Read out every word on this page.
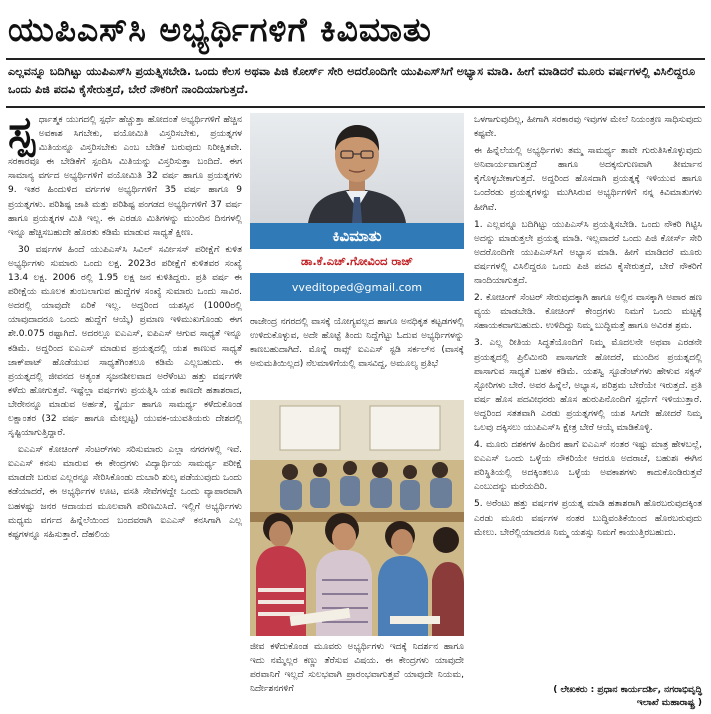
ಯುಪಿಎಸ್‌ಸಿ ಅಭ್ಯರ್ಥಿಗಳಿಗೆ ಕಿವಿಮಾತು
ಎಲ್ಲವನ್ನೂ ಬದಿಗಿಟ್ಟು ಯುಪಿಎಸ್‌ಸಿ ಪ್ರಯತ್ನಿಸಬೇಡಿ. ಒಂದು ಕೆಲಸ ಅಥವಾ ಪಿಜಿ ಕೋರ್ಸ್‌ ಸೇರಿ ಅದರೊಂದಿಗೇ ಯುಪಿಎಸ್‌ಸಿಗೆ ಅಭ್ಯಾಸ ಮಾಡಿ. ಹೀಗೆ ಮಾಡಿದರೆ ಮೂರು ವರ್ಷಗಳಲ್ಲಿ ವಿಸಿಲಿದ್ದರೂ ಒಂದು ಪಿಜಿ ಪದವಿ ಕೈಸೇರುತ್ತದೆ, ಬೇರೆ ನೌಕರಿಗೆ ನಾಂದಿಯಾಗುತ್ತದೆ.
ಸ್ಪ ರ್ಧಾತ್ಮಕ ಯುಗದಲ್ಲಿ ಸ್ಪರ್ಧೆ ಹೆಚ್ಚುತ್ತಾ ಹೋದಂತೆ ಅಭ್ಯರ್ಥಿಗಳಿಗೆ ಹೆಚ್ಚಿನ ಅವಕಾಶ ಸಿಗಬೇಕು, ವಯೋಮಿತಿ ವಿಸ್ತರಿಸಬೇಕು, ಪ್ರಯತ್ನಗಳ ಮಿತಿಯನ್ನೂ ವಿಸ್ತರಿಸಬೇಕು ಎಂಬ ಬೇಡಿಕೆ ಬರುವುದು ನಿರೀಕ್ಷಿತವೇ. ಸರಕಾರವೂ ಈ ಬೇಡಿಕೆಗೆ ಸ್ಪಂದಿಸಿ ಮಿತಿಯನ್ನು ವಿಸ್ತರಿಸುತ್ತಾ ಬಂದಿದೆ. ಈಗ ಸಾಮಾನ್ಯ ವರ್ಗದ ಅಭ್ಯರ್ಥಿಗಳಿಗೆ ವಯೋಮಿತಿ 32 ವರ್ಷ ಹಾಗೂ ಪ್ರಯತ್ನಗಳು 9. ಇತರ ಹಿಂದುಳಿದ ವರ್ಗಗಳ ಅಭ್ಯರ್ಥಿಗಳಿಗೆ 35 ವರ್ಷ ಹಾಗೂ 9 ಪ್ರಯತ್ನಗಳು. ಪರಿಶಿಷ್ಟ ಜಾತಿ ಮತ್ತು ಪರಿಶಿಷ್ಟ ಪಂಗಡದ ಅಭ್ಯರ್ಥಿಗಳಿಗೆ 37 ವರ್ಷ ಹಾಗೂ ಪ್ರಯತ್ನಗಳ ಮಿತಿ ಇಲ್ಲ. ಈ ಎರಡೂ ಮಿತಿಗಳನ್ನು ಮುಂದಿನ ದಿನಗಳಲ್ಲಿ ಇನ್ನೂ ಹೆಚ್ಚಿಸಬಹುದೇ ಹೊರತು ಕಡಿಮೆ ಮಾಡುವ ಸಾಧ್ಯತೆ ಕ್ಷೀಣ.

30 ವರ್ಷಗಳ ಹಿಂದೆ ಯುಪಿಎಸ್‌ಸಿ ಸಿವಿಲ್ ಸರ್ವೀಸಸ್ ಪರೀಕ್ಷೆಗೆ ಕುಳಿತ ಅಭ್ಯರ್ಥಿಗಳು ಸುಮಾರು ಒಂದು ಲಕ್ಷ. 2023ರ ಪರೀಕ್ಷೆಗೆ ಕುಳಿತವರ ಸಂಖ್ಯೆ 13.4 ಲಕ್ಷ. 2006 ರಲ್ಲಿ 1.95 ಲಕ್ಷ ಜನ ಕುಳಿತಿದ್ದರು. ಪ್ರತಿ ವರ್ಷ ಈ ಪರೀಕ್ಷೆಯ ಮೂಲಕ ತುಂಬಲಾಗುವ ಹುದ್ದೆಗಳ ಸಂಖ್ಯೆ ಸುಮಾರು ಒಂದು ಸಾವಿರ. ಅದರಲ್ಲಿ ಯಾವುದೇ ಏರಿಕೆ ಇಲ್ಲ. ಅದ್ದರಿಂದ ಯಶಸ್ಸಿನ (1000ರಲ್ಲಿ ಯಾವುದಾದರೂ ಒಂದು ಹುದ್ದೆಗೆ ಆಯ್ಕೆ) ಪ್ರಮಾಣ ಇಳಿಮುಖಗೊಂಡು ಈಗ ಶೇ.0.075 ರಷ್ಟಾಗಿದೆ. ಅದರಲ್ಲೂ ಐಎಎಸ್, ಐಪಿಎಸ್ ಆಗುವ ಸಾಧ್ಯತೆ ಇನ್ನೂ ಕಡಿಮೆ. ಅದ್ದರಿಂದ ಐಎಎಸ್ ಮಾಡುವ ಪ್ರಯತ್ನದಲ್ಲಿ ಯಶ ಕಾಣುವ ಸಾಧ್ಯತೆ ಜಾಕ್‌ಪಾಟ್ ಹೊಡೆಯುವ ಸಾಧ್ಯತೆಗಿಂತಲೂ ಕಡಿಮೆ ಎಲ್ಲಬಹುದು. ಈ ಪ್ರಯತ್ನದಲ್ಲಿ ಜೀವನದ ಅತ್ಯಂತ ಸೃಜನಶೀಲವಾದ ಅರೆಳೆಂಟು ಹತ್ತು ವರ್ಷಗಳೇ ಕಳೆದು ಹೋಗುತ್ತವೆ. ಇಷ್ಟೆಲ್ಲಾ ವರ್ಷಗಳು ಪ್ರಯತ್ನಿಸಿ ಯಶ ಕಾಣದೇ ಹತಾಶರಾದ, ಬೇರೇನನ್ನೂ ಮಾಡುವ ಅರ್ಹತೆ, ಸ್ಥೈರ್ಯ ಹಾಗೂ ಸಾಮರ್ಥ್ಯ ಕಳೆದುಕೊಂಡ ಲಕ್ಷಾಂತರ (32 ವರ್ಷ ಹಾಗೂ ಮೇಲ್ಪಟ್ಟ) ಯುವಕ-ಯುವತಿಯರು ದೇಶದಲ್ಲಿ ಸೃಷ್ಟಿಯಾಗುತ್ತಿದ್ದಾರೆ.

ಐಎಎಸ್ ಕೋಚಿಂಗ್ ಸೆಂಟರ್‌ಗಳು ಸರಿಸುಮಾರು ಎಲ್ಲಾ ನಗರಗಳಲ್ಲಿ ಇವೆ. ಐಎಎಸ್ ಕನಸು ಮಾರುವ ಈ ಕೇಂದ್ರಗಳು ವಿದ್ಯಾರ್ಥಿಯ ಸಾಮರ್ಥ್ಯ ಪರೀಕ್ಷೆ ಮಾಡದೇ ಬರುವ ಎಲ್ಲರನ್ನೂ ಸೇರಿಸಿಕೊಂಡು ದುಬಾರಿ ಶುಲ್ಕ ಪಡೆಯುವುದು ಒಂದು ಕಡೆಯಾದರೆ, ಈ ಅಭ್ಯರ್ಥಿಗಳ ಊಟ, ವಸತಿ ಸೇವೆಗಳದ್ದೇ ಒಂದು ವ್ಯಾಪಾರವಾಗಿ ಬಹಳಷ್ಟು ಜನರ ಆದಾಯದ ಮೂಲವಾಗಿ ಪರಿಣಮಿಸಿದೆ. ಇಲ್ಲಿಗೆ ಅಭ್ಯರ್ಥಿಗಳು ಮಧ್ಯಮ ವರ್ಗದ ಹಿನ್ನೆಲೆಯಿಂದ ಬಂದವರಾಗಿ ಐಎಎಸ್ ಕನಸಿಗಾಗಿ ಎಲ್ಲ ಕಷ್ಟಗಳನ್ನೂ ಸಹಿಸುತ್ತಾರೆ. ದೆಹಲಿಯ

ಕಿವಿಮಾತು
ಡಾ.ಕೆ.ಎಚ್.ಗೋವಿಂದ ರಾಜ್
vveditoped@gmail.com

ರಾಜೇಂದ್ರ ನಗರದಲ್ಲಿ ವಾಸಕ್ಕೆ ಯೋಗ್ಯವಲ್ಲದ ಹಾಗೂ ಅನಧಿಕೃತ ಕಟ್ಟಡಗಳಲ್ಲಿ ಉಳಿದುಕೊಳ್ಳುವ, ಅದೇ ಹೊಟ್ಟೆ ತಿಂದು ನಿದ್ದೆಗೆಟ್ಟು ಓದುವ ಅಭ್ಯರ್ಥಿಗಳನ್ನು ಕಾಣಬಹುದಾಗಿದೆ. ಮೊನ್ನೆ ರಾವ್ಸ್ ಐಎಎಸ್ ಸ್ಟಡಿ ಸರ್ಕಲ್‌ನ (ವಾಸಕ್ಕೆ ಅನುಮತಿಯಿಲ್ಲದ) ನೆಲಮಾಳಿಗೆಯಲ್ಲಿ ವಾಸವಿದ್ದ, ಅಮೂಲ್ಯ ಪ್ರತಿಭೆ

ಜೀವ ಕಳೆದುಕೊಂಡ ಮೂವರು ಅಭ್ಯರ್ಥಿಗಳು ಇದಕ್ಕೆ ನಿದರ್ಶನ ಹಾಗೂ ಇದು ನಮ್ಮೆಲ್ಲರ ಕಣ್ಣು ತೆರೆಸುವ ವಿಷಯ. ಈ ಕೇಂದ್ರಗಳು ಯಾವುದೇ ಪರವಾನಿಗೆ ಇಲ್ಲದೆ ಸುಲಭವಾಗಿ ಪ್ರಾರಂಭವಾಗುತ್ತವೆ ಯಾವುದೇ ನಿಯಮ, ನಿರ್ದೇಶನಗಳಿಗೆ

ಒಳಗಾಗುವುದಿಲ್ಲ, ಹೀಗಾಗಿ ಸರಕಾರವು ಇವುಗಳ ಮೇಲೆ ನಿಯಂತ್ರಣ ಸಾಧಿಸುವುದು ಕಷ್ಟವೇ.

ಈ ಹಿನ್ನೆಲೆಯಲ್ಲಿ ಅಭ್ಯರ್ಥಿಗಳು ತಮ್ಮ ಸಾಮರ್ಥ್ಯ ತಾವೇ ಗುರುತಿಸಿಕೊಳ್ಳುವುದು ಅನಿವಾರ್ಯವಾಗುತ್ತದೆ ಹಾಗೂ ಅದಕ್ಕನುಗುಣವಾಗಿ ತೀರ್ಮಾನ ಕೈಗೊಳ್ಳಬೇಕಾಗುತ್ತದೆ. ಅದ್ದರಿಂದ ಹೊಸದಾಗಿ ಪ್ರಯತ್ನಕ್ಕೆ ಇಳಿಯುವ ಹಾಗೂ ಒಂದೆರಡು ಪ್ರಯತ್ನಗಳನ್ನು ಮುಗಿಸಿರುವ ಅಭ್ಯರ್ಥಿಗಳಿಗೆ ನನ್ನ ಕಿವಿಮಾತುಗಳು ಹೀಗಿವೆ.

1. ಎಲ್ಲವನ್ನೂ ಬದಿಗಿಟ್ಟು ಯುಪಿಎಸ್‌ಸಿ ಪ್ರಯತ್ನಿಸಬೇಡಿ. ಒಂದು ನೌಕರಿ ಗಿಟ್ಟಿಸಿ ಅದನ್ನು ಮಾಡುತ್ತಲೇ ಪ್ರಯತ್ನ ಮಾಡಿ. ಇಲ್ಲವಾದರೆ ಒಂದು ಪಿಜಿ ಕೋರ್ಸ್ ಸೇರಿ ಅದರೊಂದಿಗೇ ಯುಪಿಎಸ್‌ಸಿಗೆ ಅಭ್ಯಾಸ ಮಾಡಿ. ಹೀಗೆ ಮಾಡಿದರೆ ಮೂರು ವರ್ಷಗಳಲ್ಲಿ ವಿಸಿಲಿದ್ದರೂ ಒಂದು ಪಿಜಿ ಪದವಿ ಕೈಸೇರುತ್ತದೆ, ಬೇರೆ ನೌಕರಿಗೆ ನಾಂದಿಯಾಗುತ್ತದೆ.

2. ಕೋಚಿಂಗ್ ಸೆಂಟರ್ ಸೇರುವುದಕ್ಕಾಗಿ ಹಾಗೂ ಅಲ್ಲಿನ ವಾಸಕ್ಕಾಗಿ ಅಪಾರ ಹಣ ವ್ಯಯ ಮಾಡಬೇಡಿ. ಕೋಚಿಂಗ್ ಕೇಂದ್ರಗಳು ನಿಮಗೆ ಒಂದು ಮಟ್ಟಕ್ಕೆ ಸಹಾಯಕವಾಗಬಹುದು. ಉಳಿದಿದ್ದು ನಿಮ್ಮ ಬುದ್ಧಿಮತ್ತೆ ಹಾಗೂ ಅವಿರತ ಶ್ರಮ.

3. ಎಲ್ಲ ರೀತಿಯ ಸಿದ್ಧತೆಯೊಂದಿಗೆ ನಿಮ್ಮ ಮೊದಲನೇ ಅಥವಾ ಎರಡನೇ ಪ್ರಯತ್ನದಲ್ಲಿ ಪ್ರಿಲಿಮಿನರಿ ಪಾಸಾಗದೇ ಹೋದರೆ, ಮುಂದಿನ ಪ್ರಯತ್ನದಲ್ಲಿ ಪಾಸಾಗುವ ಸಾಧ್ಯತೆ ಬಹಳ ಕಡಿಮೆ. ಯಶಸ್ವಿ ಸ್ಟೂಡೆಂಟ್‌ಗಳು ಹೇಳುವ ಸಕ್ಸಸ್ ಸ್ಟೋರಿಗಳು ಬೇರೆ. ಅವರ ಹಿನ್ನೆಲೆ, ಅಭ್ಯಾಸ, ಪರಿಶ್ರಮ ಬೇರೆಯೇ ಇರುತ್ತದೆ. ಪ್ರತಿ ವರ್ಷ ಹೊಸ ಪದವೀಧರರು ಹೊಸ ಹುರುಪಿನೊಂದಿಗೆ ಸ್ಪರ್ಧೆಗೆ ಇಳಿಯುತ್ತಾರೆ. ಅದ್ದರಿಂದ ಸತತವಾಗಿ ಎರಡು ಪ್ರಯತ್ನಗಳಲ್ಲಿ ಯಶ ಸಿಗದೇ ಹೋದರೆ ನಿಮ್ಮ ಒಲವು ದಕ್ಕಿಸಲು ಯುಪಿಎಸ್‌ಸಿ ಕ್ಷೇತ್ರ ಬೇರೆ ಆಯ್ಕೆ ಮಾಡಿಕೊಳ್ಳಿ.

4. ಮೂರು ದಶಕಗಳ ಹಿಂದಿನ ಹಾಗೆ ಐಎಎಸ್ ನಂತರ ಇಷ್ಟು ಮಾತ್ರ ಹೇಳಬಲ್ಲೆ, ಐಎಎಸ್ ಒಂದು ಒಳ್ಳೆಯ ನೌಕರಿಯೇ ಆದರೂ ಅದರಾಚೆ, ಬಹುಶಃ ಈಗಿನ ಪರಿಸ್ಥಿತಿಯಲ್ಲಿ ಅದಕ್ಕಿಂತಲೂ ಒಳ್ಳೆಯ ಅವಕಾಶಗಳು ಕಾದುಕೊಂಡಿರುತ್ತವೆ ಎಂಬುದನ್ನು ಮರೆಯದಿರಿ.

5. ಅರೆಂಟು ಹತ್ತು ವರ್ಷಗಳ ಪ್ರಯತ್ನ ಮಾಡಿ ಹತಾಶರಾಗಿ ಹೊರಬರುವುದಕ್ಕಿಂತ ಎರಡು ಮೂರು ವರ್ಷಗಳ ನಂತರ ಬುದ್ಧಿವಂತಿಕೆಯಿಂದ ಹೊರಬರುವುದು ಮೇಲು. ಬೇರೆಲ್ಲಿಯಾದರೂ ನಿಮ್ಮ ಯಶಸ್ಸು ನಿಮಗೆ ಕಾಯುತ್ತಿರಬಹುದು.

( ಲೇಖಕರು : ಪ್ರಧಾನ ಕಾರ್ಯದರ್ಶಿ, ನಗರಾಭಿವೃದ್ಧಿ
ಇಲಾಖೆ ಮಹಾರಾಷ್ಟ್ರ )
